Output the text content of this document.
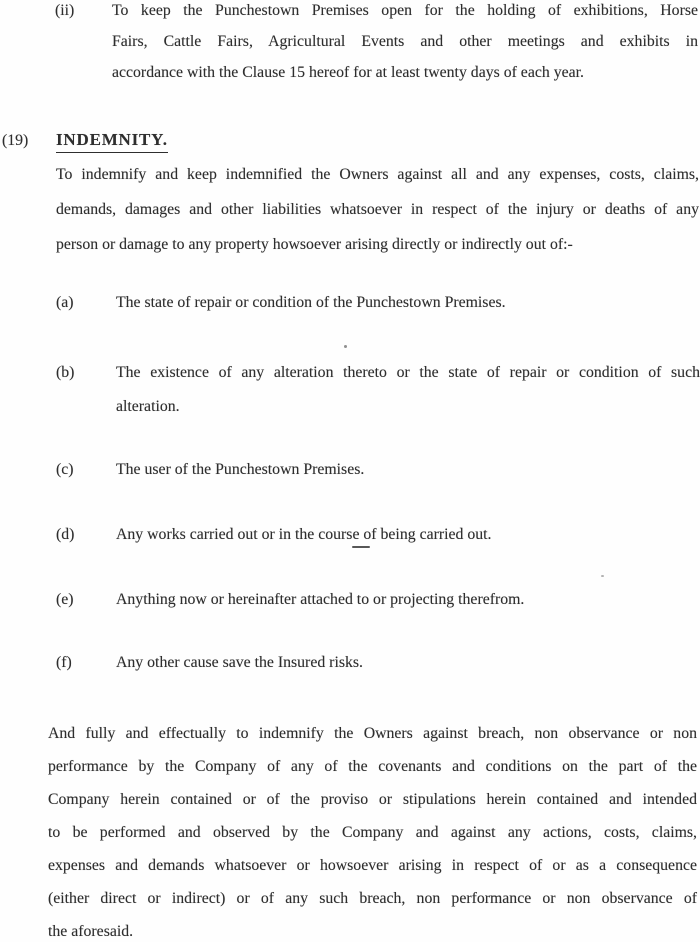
(ii) To keep the Punchestown Premises open for the holding of exhibitions, Horse
Fairs, Cattle Fairs, Agricultural Events and other meetings and exhibits in
accordance with the Clause 15 hereof for at least twenty days of each year.
(19) INDEMNITY.
To indemnify and keep indemnified the Owners against all and any expenses, costs, claims,
demands, damages and other liabilities whatsoever in respect of the injury or deaths of any
person or damage to any property howsoever arising directly or indirectly out of:-
(a)	The state of repair or condition of the Punchestown Premises.
(b)	The existence of any alteration thereto or the state of repair or condition of such
alteration.
(c)	The user of the Punchestown Premises.
(d)	Any works carried out or in the course of being carried out.
(e)	Anything now or hereinafter attached to or projecting therefrom.
(f)	Any other cause save the Insured risks.
And fully and effectually to indemnify the Owners against breach, non observance or non
performance by the Company of any of the covenants and conditions on the part of the
Company herein contained or of the proviso or stipulations herein contained and intended
to be performed and observed by the Company and against any actions, costs, claims,
expenses and demands whatsoever or howsoever arising in respect of or as a consequence
(either direct or indirect) or of any such breach, non performance or non observance of
the aforesaid.
